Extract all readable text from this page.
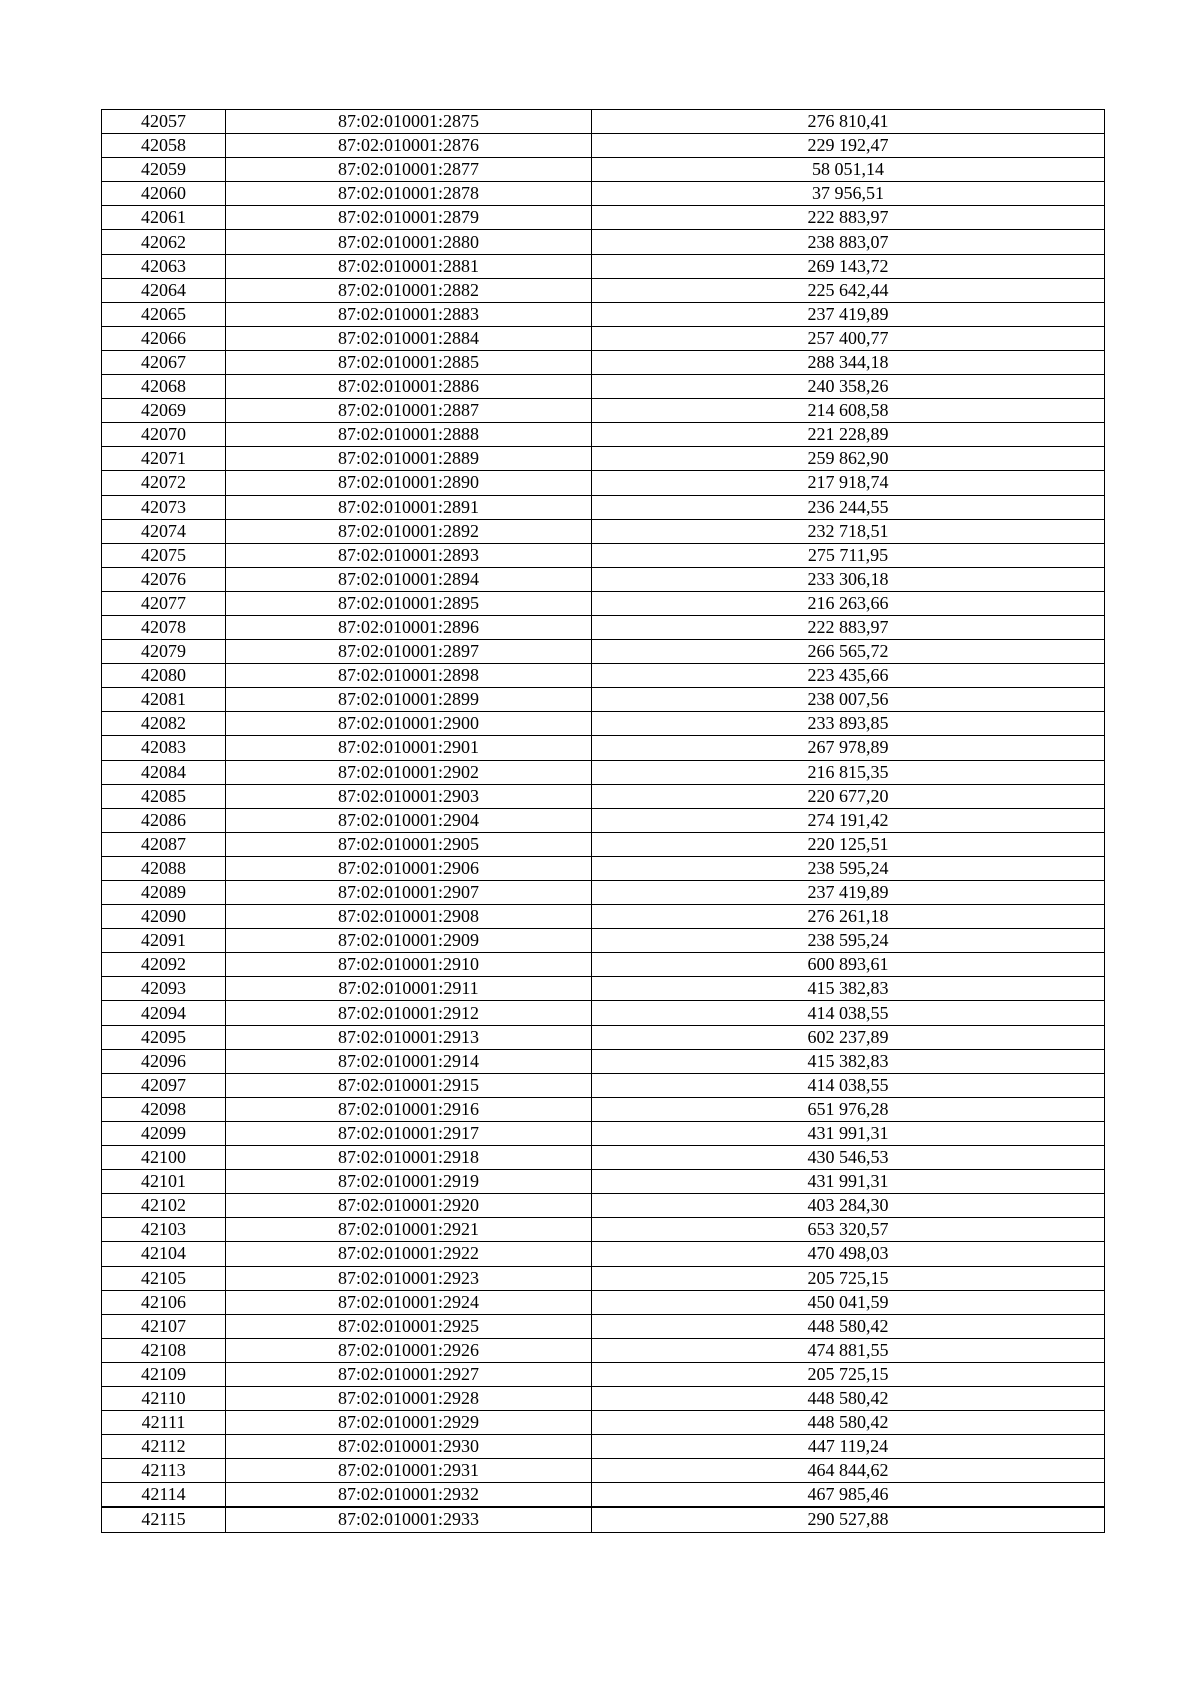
42057	87:02:010001:2875	276 810,41
42058	87:02:010001:2876	229 192,47
42059	87:02:010001:2877	58 051,14
42060	87:02:010001:2878	37 956,51
42061	87:02:010001:2879	222 883,97
42062	87:02:010001:2880	238 883,07
42063	87:02:010001:2881	269 143,72
42064	87:02:010001:2882	225 642,44
42065	87:02:010001:2883	237 419,89
42066	87:02:010001:2884	257 400,77
42067	87:02:010001:2885	288 344,18
42068	87:02:010001:2886	240 358,26
42069	87:02:010001:2887	214 608,58
42070	87:02:010001:2888	221 228,89
42071	87:02:010001:2889	259 862,90
42072	87:02:010001:2890	217 918,74
42073	87:02:010001:2891	236 244,55
42074	87:02:010001:2892	232 718,51
42075	87:02:010001:2893	275 711,95
42076	87:02:010001:2894	233 306,18
42077	87:02:010001:2895	216 263,66
42078	87:02:010001:2896	222 883,97
42079	87:02:010001:2897	266 565,72
42080	87:02:010001:2898	223 435,66
42081	87:02:010001:2899	238 007,56
42082	87:02:010001:2900	233 893,85
42083	87:02:010001:2901	267 978,89
42084	87:02:010001:2902	216 815,35
42085	87:02:010001:2903	220 677,20
42086	87:02:010001:2904	274 191,42
42087	87:02:010001:2905	220 125,51
42088	87:02:010001:2906	238 595,24
42089	87:02:010001:2907	237 419,89
42090	87:02:010001:2908	276 261,18
42091	87:02:010001:2909	238 595,24
42092	87:02:010001:2910	600 893,61
42093	87:02:010001:2911	415 382,83
42094	87:02:010001:2912	414 038,55
42095	87:02:010001:2913	602 237,89
42096	87:02:010001:2914	415 382,83
42097	87:02:010001:2915	414 038,55
42098	87:02:010001:2916	651 976,28
42099	87:02:010001:2917	431 991,31
42100	87:02:010001:2918	430 546,53
42101	87:02:010001:2919	431 991,31
42102	87:02:010001:2920	403 284,30
42103	87:02:010001:2921	653 320,57
42104	87:02:010001:2922	470 498,03
42105	87:02:010001:2923	205 725,15
42106	87:02:010001:2924	450 041,59
42107	87:02:010001:2925	448 580,42
42108	87:02:010001:2926	474 881,55
42109	87:02:010001:2927	205 725,15
42110	87:02:010001:2928	448 580,42
42111	87:02:010001:2929	448 580,42
42112	87:02:010001:2930	447 119,24
42113	87:02:010001:2931	464 844,62
42114	87:02:010001:2932	467 985,46
42115	87:02:010001:2933	290 527,88
